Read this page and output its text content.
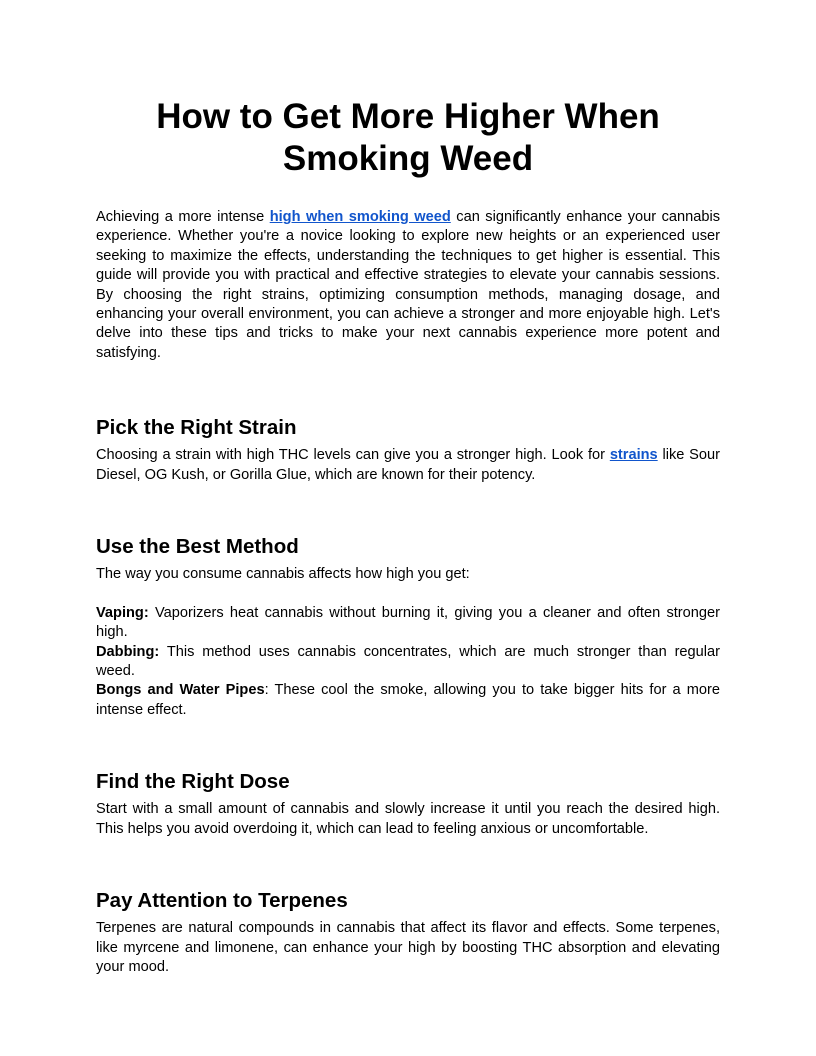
How to Get More Higher When Smoking Weed

Achieving a more intense high when smoking weed can significantly enhance your cannabis experience. Whether you're a novice looking to explore new heights or an experienced user seeking to maximize the effects, understanding the techniques to get higher is essential. This guide will provide you with practical and effective strategies to elevate your cannabis sessions. By choosing the right strains, optimizing consumption methods, managing dosage, and enhancing your overall environment, you can achieve a stronger and more enjoyable high. Let's delve into these tips and tricks to make your next cannabis experience more potent and satisfying.

Pick the Right Strain

Choosing a strain with high THC levels can give you a stronger high. Look for strains like Sour Diesel, OG Kush, or Gorilla Glue, which are known for their potency.

Use the Best Method

The way you consume cannabis affects how high you get:

Vaping: Vaporizers heat cannabis without burning it, giving you a cleaner and often stronger high.

Dabbing: This method uses cannabis concentrates, which are much stronger than regular weed.

Bongs and Water Pipes: These cool the smoke, allowing you to take bigger hits for a more intense effect.

Find the Right Dose

Start with a small amount of cannabis and slowly increase it until you reach the desired high. This helps you avoid overdoing it, which can lead to feeling anxious or uncomfortable.

Pay Attention to Terpenes

Terpenes are natural compounds in cannabis that affect its flavor and effects. Some terpenes, like myrcene and limonene, can enhance your high by boosting THC absorption and elevating your mood.
